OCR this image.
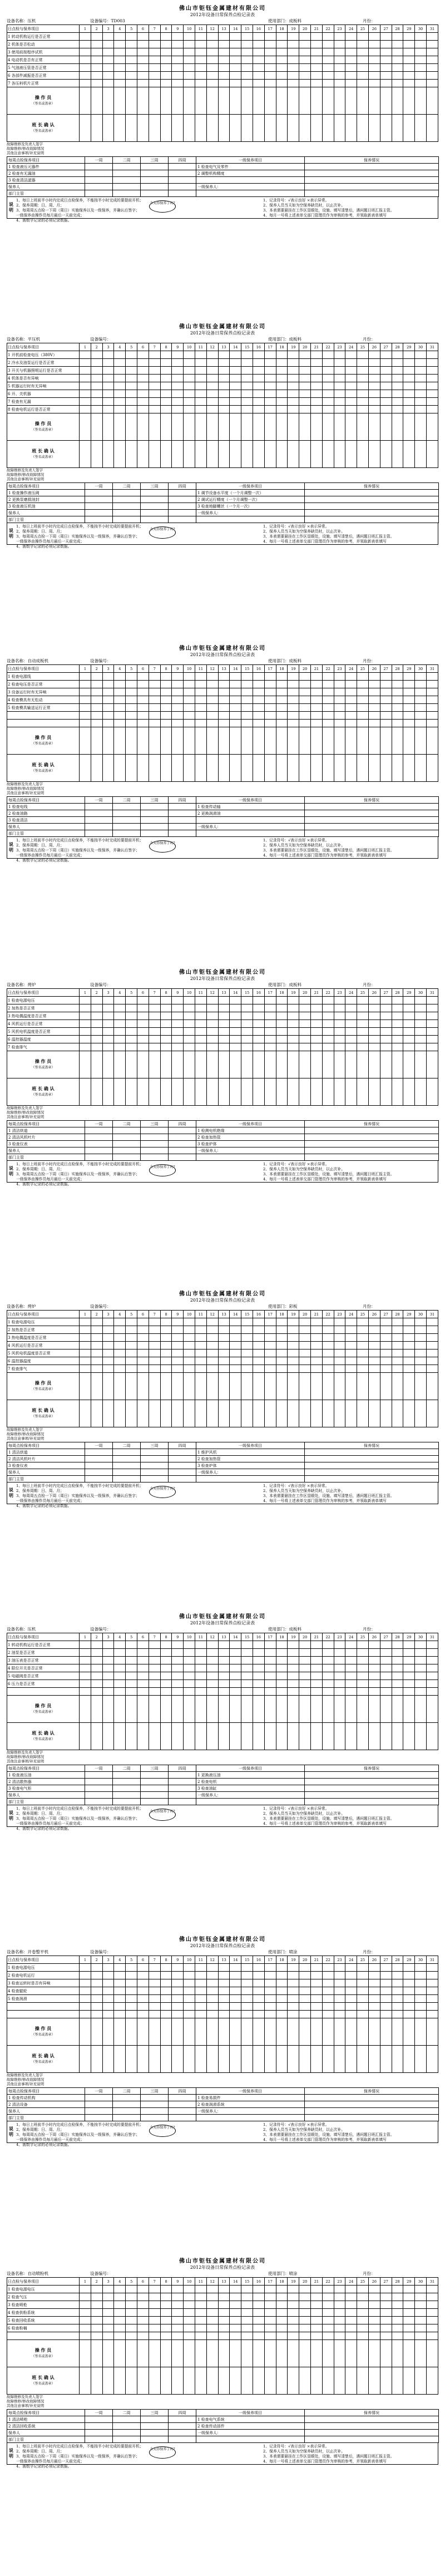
佛山市钜钰金属建材有限公司
2012年设备日常保养点检记录表
设备名称：压机	设备编号：TD003	使用部门：成板料	月份：
日点检与保养项目	1	2	3	4	5	6	7	8	9	10	11	12	13	14	15	16	17	18	19	20	21	22	23	24	25	26	27	28	29	30	31
1 转动机构运行是否正常																															
2 机体是否松动																															
3 使用前按程序试机																															
4 电动机是否有正常																															
5 气油液压管是否正常																															
6 各部件减振是否正常																															
7 各压料机片正常																															
操 作 员
（签名或盖章）																															

班 长 确 认
（签名或盖章）																															

故障维修及负责人签字
故障维修/修改故障情况
其他注意事项/补充说明
每周点检保养项目	一周	二周	三周	四周	一级保养项目	保养情况
1 检查液压元器件					1 检查电气及零件	
2 检查有无漏油					2 调整机构精度	
3 检查清洁滤器						
保养人					一级保养人：	
部门主管						
说明
1、每日上班前半小时内完成日点检保养，不能按半小时完成的要提前开机；
2、保养周期：日、周、月；
3、每周周五点检一下周（周日）实施保养以及一级保养，并确认后签字；
一级保养由操作员每月最后一天前完成；
4、需数字记录的必须记录数据。
今天你保养了吗?
1、记录符号：√表示良好 ×表示异常。
2、保养人员当天如为空保养缺员时，以止次补。
3、本表需要悬挂在工作区显眼处，设施、填写清楚后，遇问题日班汇报主管。
4、每月一号将上述表单交部门管理员作为审核的参考，并领取新表单填写
佛山市钜钰金属建材有限公司
2012年设备日常保养点检记录表
设备名称：平压机	设备编号：	使用部门：成板料	月份：
日点检与保养项目	1	2	3	4	5	6	7	8	9	10	11	12	13	14	15	16	17	18	19	20	21	22	23	24	25	26	27	28	29	30	31
1 开机前检查电压（380V）																															
2 冷水及油泵运行是否正常																															
3 开关与机器照明运行是否正常																															
4 机体是否有异响																															
5 机器运行时有无异响																															
6 开、关机器																															
7 检查有无漏																															
8 检查电机运行是否正常																															
操 作 员
（签名或盖章）																															

班 长 确 认
（签名或盖章）																															

故障维修及负责人签字
故障维修/修改故障情况
其他注意事项/补充说明
每周点检保养项目	一周	二周	三周	四周	一级保养项目	保养情况
1 检查操作液压阀					1 调节设备水平度（一个月调整一次）	
2 更换泵磨损油封					2 调试运行精度（一个月调整一次）	
3 检查液压机油					3 检查地脚螺丝（一个月一次）	
保养人					一级保养人：	
部门主管						
说明
1、每日上班前半小时内完成日点检保养，不能按半小时完成的要提前开机；
2、保养周期：日、周、月；
3、每周周五点检一下周（周日）实施保养以及一级保养，并确认后签字；
一级保养由操作员每月最后一天前完成；
4、需数字记录的必须记录数据。
今天你保养了吗?
1、记录符号：√表示良好 ×表示异常。
2、保养人员当天如为空保养缺员时，以止次补。
3、本表需要悬挂在工作区显眼处，设施、填写清楚后，遇问题日班汇报主管。
4、每月一号将上述表单交部门管理员作为审核的参考，并领取新表单填写
佛山市钜钰金属建材有限公司
2012年设备日常保养点检记录表
设备名称：自动成板机	设备编号：	使用部门：成板料	月份：
日点检与保养项目	1	2	3	4	5	6	7	8	9	10	11	12	13	14	15	16	17	18	19	20	21	22	23	24	25	26	27	28	29	30	31
1 检查电源线																															
2 检查电压是否正常																															
3 设备运行时有无异响																															
4 检查模具有无松动																															
5 检查模具输送运行正常																															

操 作 员
（签名或盖章）																															

班 长 确 认
（签名或盖章）																															

故障维修及负责人签字
故障维修/修改故障情况
其他注意事项/补充说明
每周点检保养项目	一周	二周	三周	四周	一级保养项目	保养情况
1 检查电线					1 检查传动轴	
2 检查油路					2 更换润滑油	
3 检查清洁						
保养人					一级保养人：	
部门主管						
说明
1、每日上班前半小时内完成日点检保养，不能按半小时完成的要提前开机；
2、保养周期：日、周、月；
3、每周周五点检一下周（周日）实施保养以及一级保养，并确认后签字；
一级保养由操作员每月最后一天前完成；
4、需数字记录的必须记录数据。
今天你保养了吗?
1、记录符号：√表示良好 ×表示异常。
2、保养人员当天如为空保养缺员时，以止次补。
3、本表需要悬挂在工作区显眼处，设施、填写清楚后，遇问题日班汇报主管。
4、每月一号将上述表单交部门管理员作为审核的参考，并领取新表单填写
佛山市钜钰金属建材有限公司
2012年设备日常保养点检记录表
设备名称：烤炉	设备编号：	使用部门：成板料	月份：
日点检与保养项目	1	2	3	4	5	6	7	8	9	10	11	12	13	14	15	16	17	18	19	20	21	22	23	24	25	26	27	28	29	30	31
1 检查电源电压																															
2 加热是否正常																															
3 热电偶温度是否正常																															
4 风机运行是否正常																															
5 风机电机温度是否正常																															
6 温控器温度																															
7 检查排气																															
操 作 员
（签名或盖章）																															

班 长 确 认
（签名或盖章）																															

故障维修及负责人签字
故障维修/修改故障情况
其他注意事项/补充说明
每周点检保养项目	一周	二周	三周	四周	一级保养项目	保养情况
1 清洁烘道					1 检测电机绝缘	
2 清洁风机叶片					2 检查加热管	
3 检查仪表					3 检查炉体	
保养人					一级保养人：	
部门主管						
说明
1、每日上班前半小时内完成日点检保养，不能按半小时完成的要提前开机；
2、保养周期：日、周、月；
3、每周周五点检一下周（周日）实施保养以及一级保养，并确认后签字；
一级保养由操作员每月最后一天前完成；
4、需数字记录的必须记录数据。
今天你保养了吗?
1、记录符号：√表示良好 ×表示异常。
2、保养人员当天如为空保养缺员时，以止次补。
3、本表需要悬挂在工作区显眼处，设施、填写清楚后，遇问题日班汇报主管。
4、每月一号将上述表单交部门管理员作为审核的参考，并领取新表单填写
佛山市钜钰金属建材有限公司
2012年设备日常保养点检记录表
设备名称：烤炉	设备编号：	使用部门：彩板	月份：
日点检与保养项目	1	2	3	4	5	6	7	8	9	10	11	12	13	14	15	16	17	18	19	20	21	22	23	24	25	26	27	28	29	30	31
1 检查电源电压																															
2 加热是否正常																															
3 热电偶温度是否正常																															
4 风机运行是否正常																															
5 风机电机温度是否正常																															
6 温控器温度																															
7 检查排气																															
操 作 员
（签名或盖章）																															

班 长 确 认
（签名或盖章）																															

故障维修及负责人签字
故障维修/修改故障情况
其他注意事项/补充说明
每周点检保养项目	一周	二周	三周	四周	一级保养项目	保养情况
1 清洁烘道					1 维护风机	
2 清洁风机叶片					2 检查加热管	
3 检查仪表					3 检查炉体	
保养人					一级保养人：	
部门主管						
说明
1、每日上班前半小时内完成日点检保养，不能按半小时完成的要提前开机；
2、保养周期：日、周、月；
3、每周周五点检一下周（周日）实施保养以及一级保养，并确认后签字；
一级保养由操作员每月最后一天前完成；
4、需数字记录的必须记录数据。
今天你保养了吗?
1、记录符号：√表示良好 ×表示异常。
2、保养人员当天如为空保养缺员时，以止次补。
3、本表需要悬挂在工作区显眼处，设施、填写清楚后，遇问题日班汇报主管。
4、每月一号将上述表单交部门管理员作为审核的参考，并领取新表单填写
佛山市钜钰金属建材有限公司
2012年设备日常保养点检记录表
设备名称：压机	设备编号：	使用部门：成板料	月份：
日点检与保养项目	1	2	3	4	5	6	7	8	9	10	11	12	13	14	15	16	17	18	19	20	21	22	23	24	25	26	27	28	29	30	31
1 转动机构运行是否正常																															
2 油泵是否正常																															
3 油压表是否正常																															
4 限位开关是否正常																															
5 电磁阀是否正常																															
6 压力是否正常																															

操 作 员
（签名或盖章）																															

班 长 确 认
（签名或盖章）																															

故障维修及负责人签字
故障维修/修改故障情况
其他注意事项/补充说明
每周点检保养项目	一周	二周	三周	四周	一级保养项目	保养情况
1 检查液压油					1 更换液压油	
2 清洁散热器					2 检查电机	
3 检查电气柜					3 检查油缸	
保养人					一级保养人：	
部门主管						
说明
1、每日上班前半小时内完成日点检保养，不能按半小时完成的要提前开机；
2、保养周期：日、周、月；
3、每周周五点检一下周（周日）实施保养以及一级保养，并确认后签字；
一级保养由操作员每月最后一天前完成；
4、需数字记录的必须记录数据。
今天你保养了吗?
1、记录符号：√表示良好 ×表示异常。
2、保养人员当天如为空保养缺员时，以止次补。
3、本表需要悬挂在工作区显眼处，设施、填写清楚后，遇问题日班汇报主管。
4、每月一号将上述表单交部门管理员作为审核的参考，并领取新表单填写
佛山市钜钰金属建材有限公司
2012年设备日常保养点检记录表
设备名称：开卷整平机	设备编号：	使用部门：喷涂	月份：
日点检与保养项目	1	2	3	4	5	6	7	8	9	10	11	12	13	14	15	16	17	18	19	20	21	22	23	24	25	26	27	28	29	30	31
1 检查电源电压																															
2 检查电机运行																															
3 检查运转时是否有异响																															
4 检查辊轮																															
5 检查润滑																															

操 作 员
（签名或盖章）																															

班 长 确 认
（签名或盖章）																															

故障维修及负责人签字
故障维修/修改故障情况
其他注意事项/补充说明
每周点检保养项目	一周	二周	三周	四周	一级保养项目	保养情况
1 检查传动机构					1 检查易损件	
2 清洁设备					2 检查润滑系统	
保养人					一级保养人：	
部门主管						
说明
1、每日上班前半小时内完成日点检保养，不能按半小时完成的要提前开机；
2、保养周期：日、周、月；
3、每周周五点检一下周（周日）实施保养以及一级保养，并确认后签字；
一级保养由操作员每月最后一天前完成；
4、需数字记录的必须记录数据。
今天你保养了吗?
1、记录符号：√表示良好 ×表示异常。
2、保养人员当天如为空保养缺员时，以止次补。
3、本表需要悬挂在工作区显眼处，设施、填写清楚后，遇问题日班汇报主管。
4、每月一号将上述表单交部门管理员作为审核的参考，并领取新表单填写
佛山市钜钰金属建材有限公司
2012年设备日常保养点检记录表
设备名称：自动喷粉机	设备编号：	使用部门：喷涂	月份：
日点检与保养项目	1	2	3	4	5	6	7	8	9	10	11	12	13	14	15	16	17	18	19	20	21	22	23	24	25	26	27	28	29	30	31
1 检查电源电压																															
2 检查气压																															
3 检查喷枪																															
4 检查供粉系统																															
5 检查回收系统																															
6 检查粉桶																															

操 作 员
（签名或盖章）																															

班 长 确 认
（签名或盖章）																															

故障维修及负责人签字
故障维修/修改故障情况
其他注意事项/补充说明
每周点检保养项目	一周	二周	三周	四周	一级保养项目	保养情况
1 清洁喷枪					1 检查电气系统	
2 清洁回收系统					2 检查传动部件	
保养人					一级保养人：	
部门主管						
说明
1、每日上班前半小时内完成日点检保养，不能按半小时完成的要提前开机；
2、保养周期：日、周、月；
3、每周周五点检一下周（周日）实施保养以及一级保养，并确认后签字；
一级保养由操作员每月最后一天前完成；
4、需数字记录的必须记录数据。
今天你保养了吗?
1、记录符号：√表示良好 ×表示异常。
2、保养人员当天如为空保养缺员时，以止次补。
3、本表需要悬挂在工作区显眼处，设施、填写清楚后，遇问题日班汇报主管。
4、每月一号将上述表单交部门管理员作为审核的参考，并领取新表单填写
